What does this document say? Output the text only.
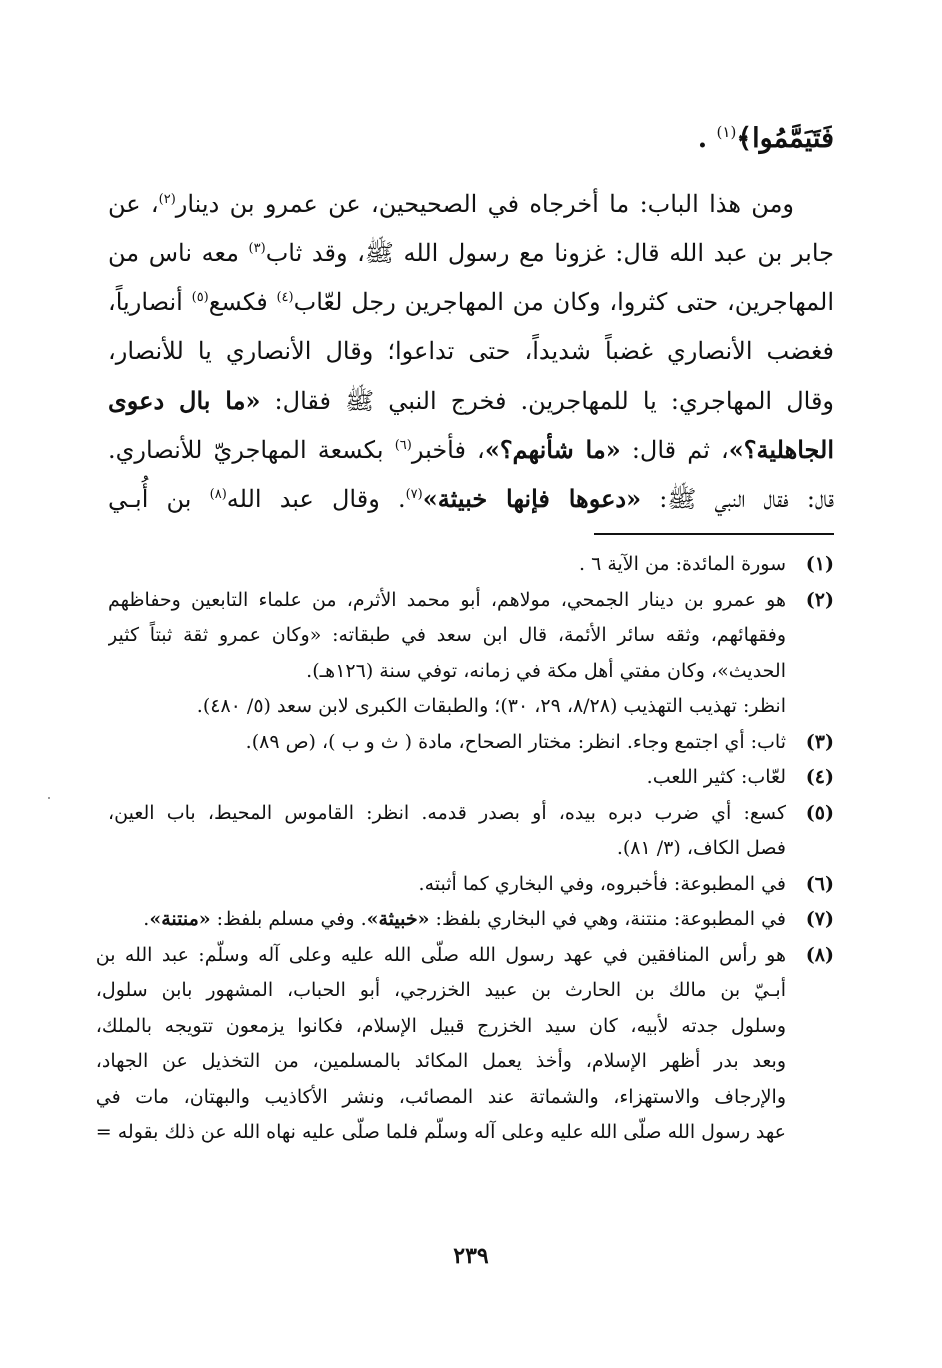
فَتَيَمَّمُوا﴾$^{(١)}$ .
ومن هذا الباب: ما أخرجاه في الصحيحين، عن عمرو بن دينار$^{(٢)}$، عن
جابر بن عبد الله قال: غزونا مع رسول الله ﷺ، وقد ثاب$^{(٣)}$ معه ناس من
المهاجرين، حتى كثروا، وكان من المهاجرين رجل لعّاب$^{(٤)}$ فكسع$^{(٥)}$ أنصارياً،
فغضب الأنصاري غضباً شديداً، حتى تداعوا؛ وقال الأنصاري يا للأنصار،
وقال المهاجري: يا للمهاجرين. فخرج النبي ﷺ فقال: «ما بال دعوى
الجاهلية؟»، ثم قال: «ما شأنهم؟»، فأخبر$^{(٦)}$ بكسعة المهاجريّ للأنصاري.
قال: فقال النبي ﷺ: «دعوها فإنها خبيثة»$^{(٧)}$. وقال عبد الله$^{(٨)}$ بن أُبـي
(١)
سورة المائدة: من الآية ٦ .
(٢)
هو عمرو بن دينار الجمحي، مولاهم، أبو محمد الأثرم، من علماء التابعين وحفاظهم
وفقهائهم، وثقه سائر الأئمة، قال ابن سعد في طبقاته: «وكان عمرو ثقة ثبتاً كثير
الحديث»، وكان مفتي أهل مكة في زمانه، توفي سنة (١٢٦هـ).
انظر: تهذيب التهذيب (٨/٢٨، ٢٩، ٣٠)؛ والطبقات الكبرى لابن سعد (٥/ ٤٨٠).
(٣)
ثاب: أي اجتمع وجاء. انظر: مختار الصحاح، مادة ( ث و ب )، (ص ٨٩).
(٤)
لعّاب: كثير اللعب.
(٥)
كسع: أي ضرب دبره بيده، أو بصدر قدمه. انظر: القاموس المحيط، باب العين،
فصل الكاف، (٣/ ٨١).
(٦)
في المطبوعة: فأخبروه، وفي البخاري كما أثبته.
(٧)
في المطبوعة: منتنة، وهي في البخاري بلفظ: «خبيثة». وفي مسلم بلفظ: «منتنة».
(٨)
هو رأس المنافقين في عهد رسول الله صلّى الله عليه وعلى آله وسلّم: عبد الله بن
أبـيّ بن مالك بن الحارث بن عبيد الخزرجي، أبو الحباب، المشهور بابن سلول،
وسلول جدته لأبيه، كان سيد الخزرج قبيل الإسلام، فكانوا يزمعون تتويجه بالملك،
وبعد بدر أظهر الإسلام، وأخذ يعمل المكائد بالمسلمين، من التخذيل عن الجهاد،
والإرجاف والاستهزاء، والشماتة عند المصائب، ونشر الأكاذيب والبهتان، مات في
عهد رسول الله صلّى الله عليه وعلى آله وسلّم فلما صلّى عليه نهاه الله عن ذلك بقوله =
٢٣٩
